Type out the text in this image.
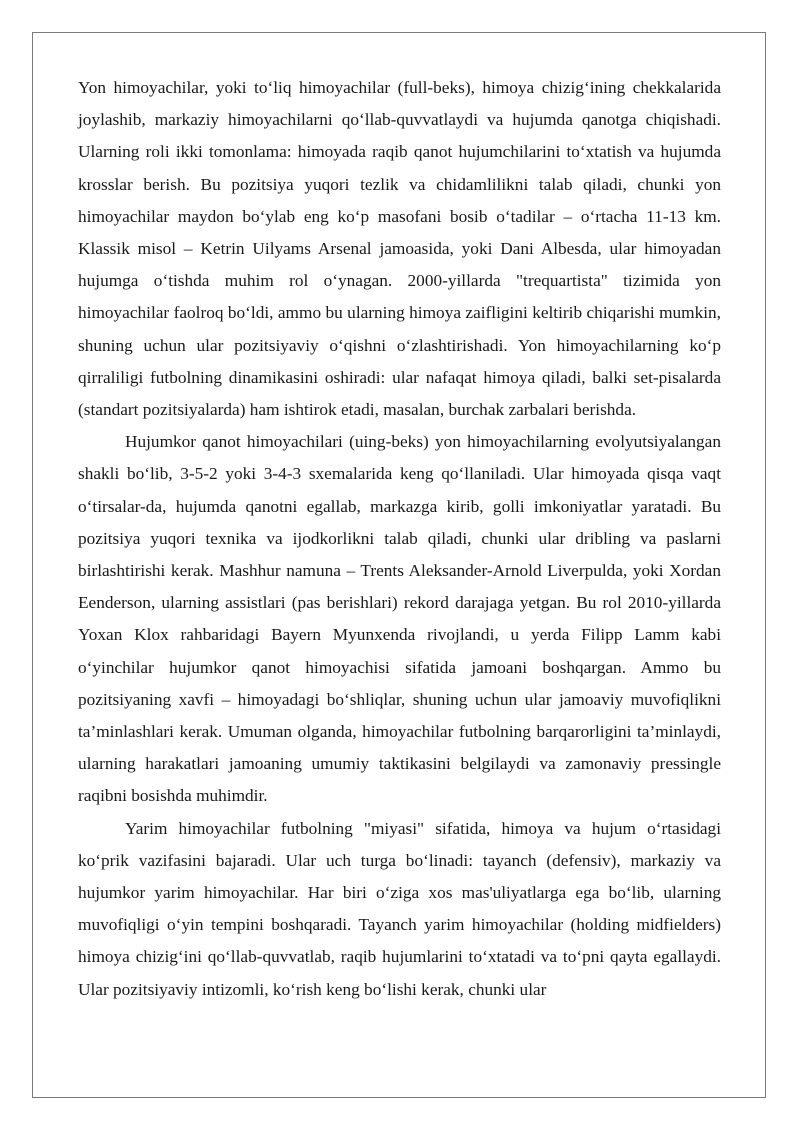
Yon himoyachilar, yoki to‘liq himoyachilar (full-beks), himoya chizig‘ining chekkalarida joylashib, markaziy himoyachilarni qo‘llab-quvvatlaydi va hujumda qanotga chiqishadi. Ularning roli ikki tomonlama: himoyada raqib qanot hujumchilarini to‘xtatish va hujumda krosslar berish. Bu pozitsiya yuqori tezlik va chidamlilikni talab qiladi, chunki yon himoyachilar maydon bo‘ylab eng ko‘p masofani bosib o‘tadilar – o‘rtacha 11-13 km. Klassik misol – Ketrin Uilyams Arsenal jamoasida, yoki Dani Albesda, ular himoyadan hujumga o‘tishda muhim rol o‘ynagan. 2000-yillarda "trequartista" tizimida yon himoyachilar faolroq bo‘ldi, ammo bu ularning himoya zaifligini keltirib chiqarishi mumkin, shuning uchun ular pozitsiyaviy o‘qishni o‘zlashtirishadi. Yon himoyachilarning ko‘p qirraliligi futbolning dinamikasini oshiradi: ular nafaqat himoya qiladi, balki set-pisalarda (standart pozitsiyalarda) ham ishtirok etadi, masalan, burchak zarbalari berishda.

Hujumkor qanot himoyachilari (uing-beks) yon himoyachilarning evolyutsiyalangan shakli bo‘lib, 3-5-2 yoki 3-4-3 sxemalarida keng qo‘llaniladi. Ular himoyada qisqa vaqt o‘tirsalar-da, hujumda qanotni egallab, markazga kirib, golli imkoniyatlar yaratadi. Bu pozitsiya yuqori texnika va ijodkorlikni talab qiladi, chunki ular dribling va paslarni birlashtirishi kerak. Mashhur namuna – Trents Aleksander-Arnold Liverpulda, yoki Xordan Eenderson, ularning assistlari (pas berishlari) rekord darajaga yetgan. Bu rol 2010-yillarda Yoxan Klox rahbaridagi Bayern Myunxenda rivojlandi, u yerda Filipp Lamm kabi o‘yinchilar hujumkor qanot himoyachisi sifatida jamoani boshqargan. Ammo bu pozitsiyaning xavfi – himoyadagi bo‘shliqlar, shuning uchun ular jamoaviy muvofiqlikni ta’minlashlari kerak. Umuman olganda, himoyachilar futbolning barqarorligini ta’minlaydi, ularning harakatlari jamoaning umumiy taktikasini belgilaydi va zamonaviy pressingle raqibni bosishda muhimdir.

Yarim himoyachilar futbolning "miyasi" sifatida, himoya va hujum o‘rtasidagi ko‘prik vazifasini bajaradi. Ular uch turga bo‘linadi: tayanch (defensiv), markaziy va hujumkor yarim himoyachilar. Har biri o‘ziga xos mas'uliyatlarga ega bo‘lib, ularning muvofiqligi o‘yin tempini boshqaradi. Tayanch yarim himoyachilar (holding midfielders) himoya chizig‘ini qo‘llab-quvvatlab, raqib hujumlarini to‘xtatadi va to‘pni qayta egallaydi. Ular pozitsiyaviy intizomli, ko‘rish keng bo‘lishi kerak, chunki ular
